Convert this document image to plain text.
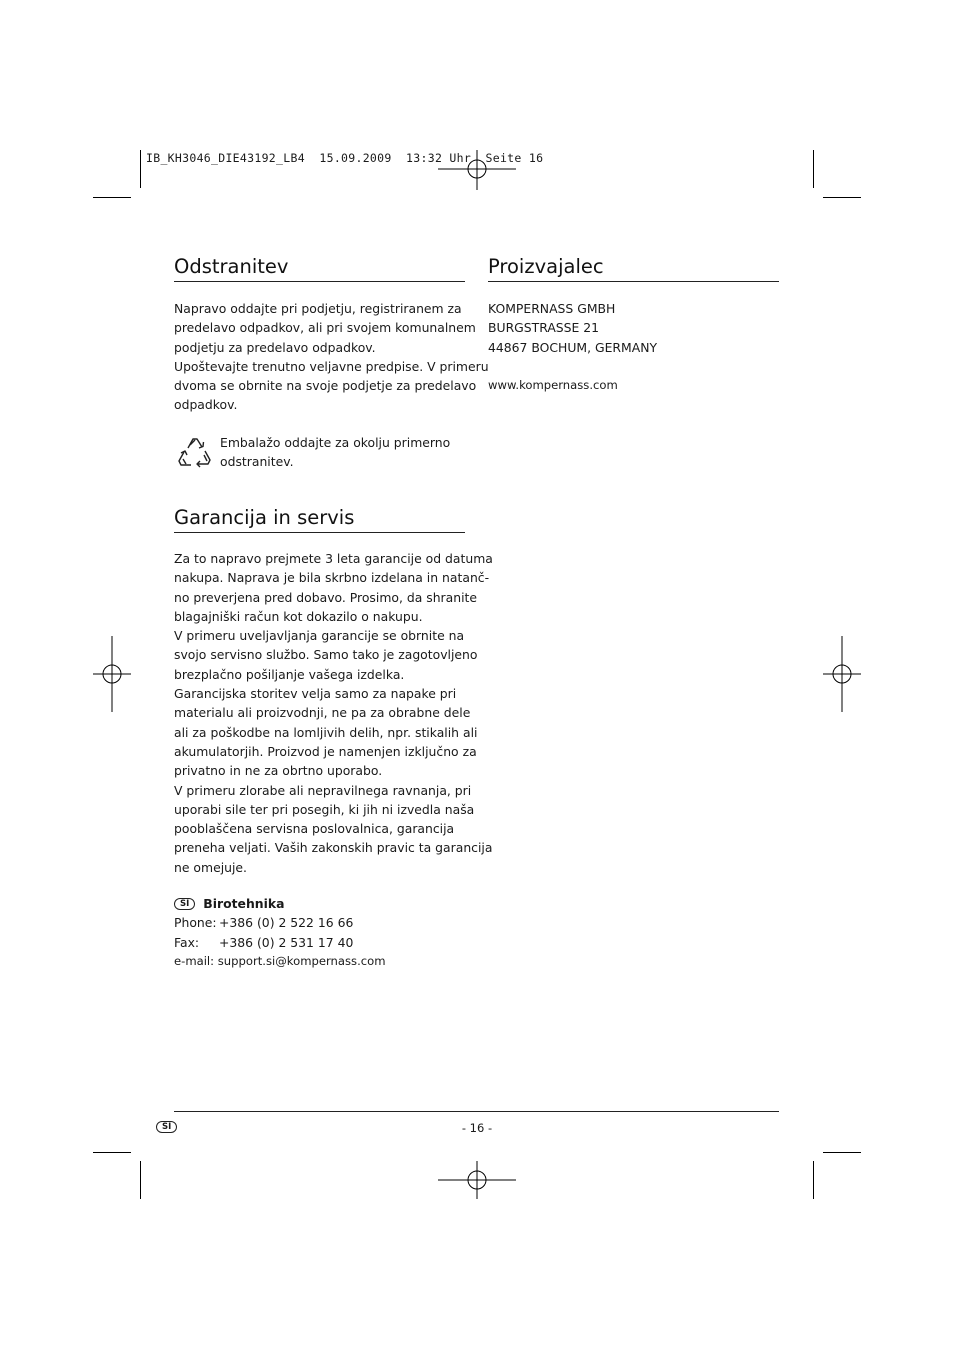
IB_KH3046_DIE43192_LB4  15.09.2009  13:32 Uhr  Seite 16
Odstranitev

Napravo oddajte pri podjetju, registriranem za

predelavo odpadkov, ali pri svojem komunalnem

podjetju za predelavo odpadkov.

Upoštevajte trenutno veljavne predpise. V primeru

dvoma se obrnite na svoje podjetje za predelavo

odpadkov.

Embalažo oddajte za okolju primerno

odstranitev.

Garancija in servis

Za to napravo prejmete 3 leta garancije od datuma

nakupa. Naprava je bila skrbno izdelana in natanč-

no preverjena pred dobavo. Prosimo, da shranite

blagajniški račun kot dokazilo o nakupu.

V primeru uveljavljanja garancije se obrnite na

svojo servisno službo. Samo tako je zagotovljeno

brezplačno pošiljanje vašega izdelka.

Garancijska storitev velja samo za napake pri

materialu ali proizvodnji, ne pa za obrabne dele

ali za poškodbe na lomljivih delih, npr. stikalih ali

akumulatorjih. Proizvod je namenjen izključno za

privatno in ne za obrtno uporabo.

V primeru zlorabe ali nepravilnega ravnanja, pri

uporabi sile ter pri posegih, ki jih ni izvedla naša

pooblaščena servisna poslovalnica, garancija

preneha veljati. Vaših zakonskih pravic ta garancija

ne omejuje.

SI	Birotehnika
Phone: +386 (0) 2 522 16 66
Fax: +386 (0) 2 531 17 40
e-mail: support.si@kompernass.com
Proizvajalec

KOMPERNASS GMBH

BURGSTRASSE 21

44867 BOCHUM, GERMANY

www.kompernass.com
SI	- 16 -
